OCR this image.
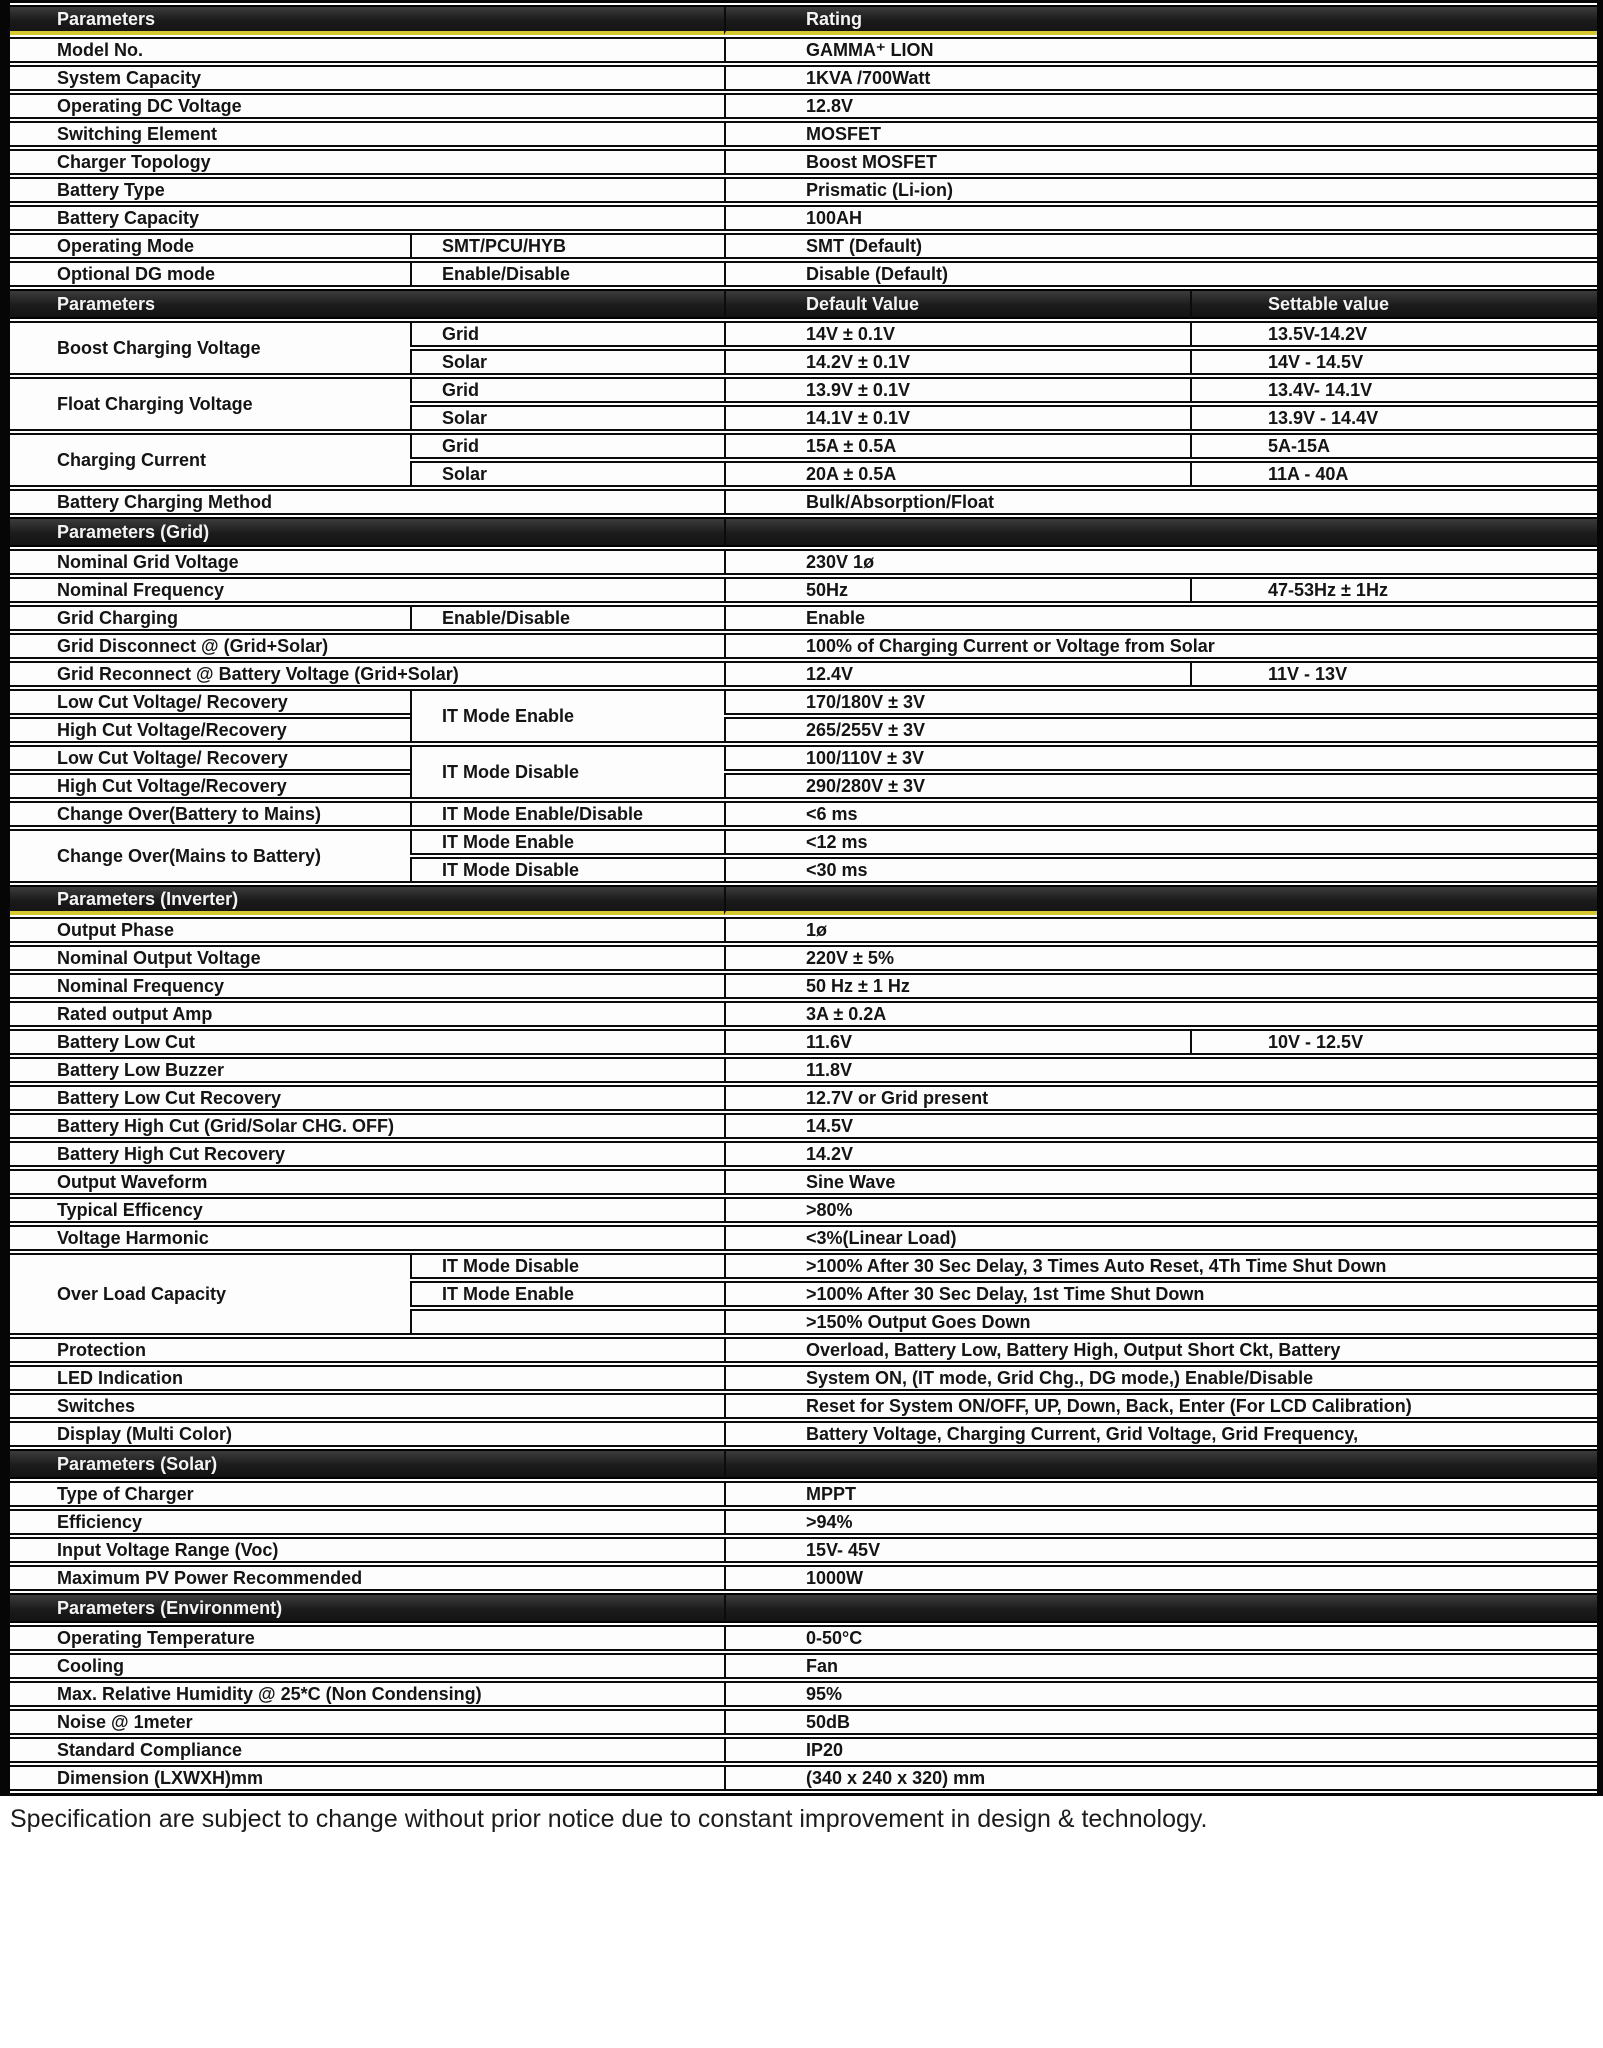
Parameters		Rating	
Model No.		GAMMA⁺ LION	
System Capacity		1KVA /700Watt	
Operating DC Voltage		12.8V	
Switching Element		MOSFET	
Charger Topology		Boost MOSFET	
Battery Type		Prismatic (Li-ion)	
Battery Capacity		100AH	
Operating Mode	SMT/PCU/HYB	SMT (Default)	
Optional DG mode	Enable/Disable	Disable (Default)	
Parameters		Default Value	Settable value
Boost Charging Voltage	Grid	14V ± 0.1V	13.5V-14.2V
	Solar	14.2V ± 0.1V	14V - 14.5V
Float Charging Voltage	Grid	13.9V ± 0.1V	13.4V- 14.1V
	Solar	14.1V ± 0.1V	13.9V - 14.4V
Charging Current	Grid	15A ± 0.5A	5A-15A
	Solar	20A ± 0.5A	11A - 40A
Battery Charging Method		Bulk/Absorption/Float	
Parameters (Grid)			
Nominal Grid Voltage		230V 1ø	
Nominal Frequency		50Hz	47-53Hz ± 1Hz
Grid Charging	Enable/Disable	Enable	
Grid Disconnect @ (Grid+Solar)		100% of Charging Current or Voltage from Solar	
Grid Reconnect @ Battery Voltage (Grid+Solar)		12.4V	11V - 13V
Low Cut Voltage/ Recovery	IT Mode Enable	170/180V ± 3V	
High Cut Voltage/Recovery		265/255V ± 3V	
Low Cut Voltage/ Recovery	IT Mode Disable	100/110V ± 3V	
High Cut Voltage/Recovery		290/280V ± 3V	
Change Over(Battery to Mains)	IT Mode Enable/Disable	<6 ms	
Change Over(Mains to Battery)	IT Mode Enable	<12 ms	
	IT Mode Disable	<30 ms	
Parameters (Inverter)			
Output Phase		1ø	
Nominal Output Voltage		220V ± 5%	
Nominal Frequency		50 Hz ± 1 Hz	
Rated output Amp		3A ± 0.2A	
Battery Low Cut		11.6V	10V - 12.5V
Battery Low Buzzer		11.8V	
Battery Low Cut Recovery		12.7V or Grid present	
Battery High Cut (Grid/Solar CHG. OFF)		14.5V	
Battery High Cut Recovery		14.2V	
Output Waveform		Sine Wave	
Typical Efficency		>80%	
Voltage Harmonic		<3%(Linear Load)	
Over Load Capacity	IT Mode Disable	>100% After 30 Sec Delay, 3 Times Auto Reset, 4Th Time Shut Down	
	IT Mode Enable	>100% After 30 Sec Delay, 1st Time Shut Down	
		>150% Output Goes Down	
Protection		Overload, Battery Low, Battery High, Output Short Ckt, Battery	
LED Indication		System ON, (IT mode, Grid Chg., DG mode,) Enable/Disable	
Switches		Reset for System ON/OFF, UP, Down, Back, Enter (For LCD Calibration)	
Display (Multi Color)		Battery Voltage, Charging Current, Grid Voltage, Grid Frequency,	
Parameters (Solar)			
Type of Charger		MPPT	
Efficiency		>94%	
Input Voltage Range (Voc)		15V- 45V	
Maximum PV Power Recommended		1000W	
Parameters (Environment)			
Operating Temperature		0-50°C	
Cooling		Fan	
Max. Relative Humidity @ 25*C (Non Condensing)		95%	
Noise @ 1meter		50dB	
Standard Compliance		IP20	
Dimension (LXWXH)mm		(340 x 240 x 320) mm	
Specification are subject to change without prior notice due to constant improvement in design & technology.
